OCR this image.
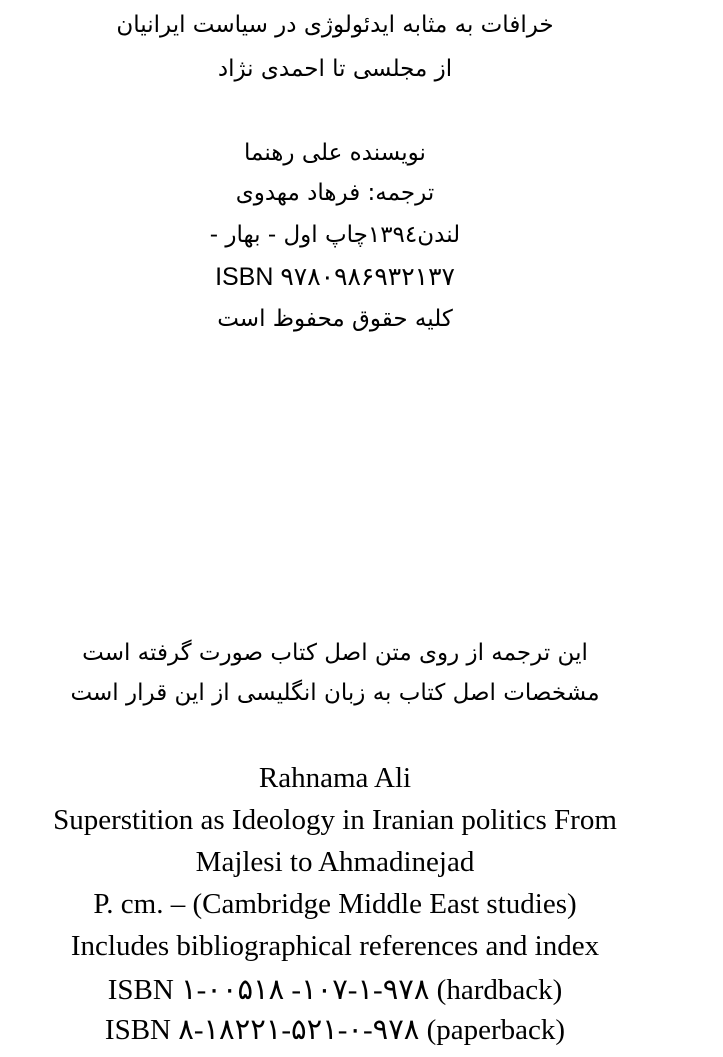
خرافات به مثابه ایدئولوژی در سیاست ایرانیان
از مجلسی تا احمدی نژاد
نویسنده علی رهنما
ترجمه: فرهاد مهدوی
لندن۱۳۹٤چاپ اول - بهار -
ISBN ۹۷۸۰۹۸۶۹۳۲۱۳۷
کلیه حقوق محفوظ است
این ترجمه از روی متن اصل کتاب صورت گرفته است
مشخصات اصل کتاب به زبان انگلیسی از این قرار است
Rahnama Ali
Superstition as Ideology in Iranian politics From
Majlesi to Ahmadinejad
P. cm. – (Cambridge Middle East studies)
Includes bibliographical references and index
ISBN ۱-۰۰۵۱۸ -۱۰۷-۱-۹۷۸ (hardback)
ISBN ۸-۱۸۲۲۱-۵۲۱-۰-۹۷۸ (paperback)
